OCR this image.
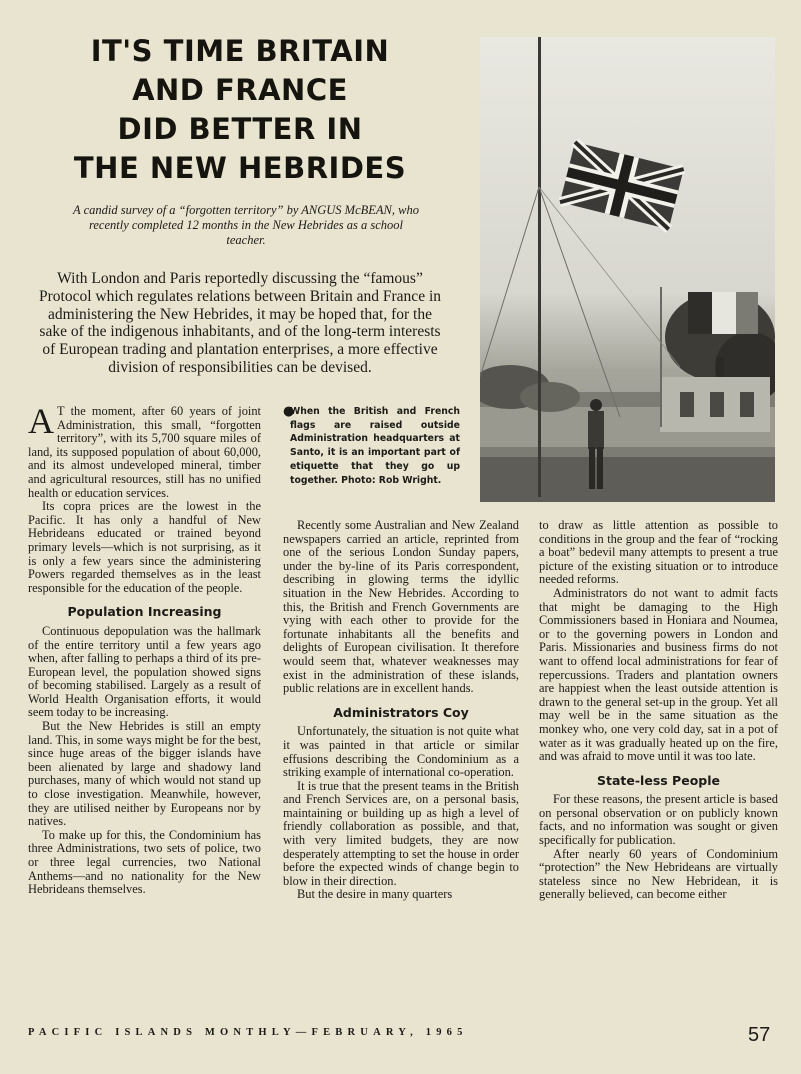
IT'S TIME BRITAIN
AND FRANCE
DID BETTER IN
THE NEW HEBRIDES
A candid survey of a “forgotten territory” by ANGUS McBEAN, who recently completed 12 months in the New Hebrides as a school teacher.
With London and Paris reportedly discussing the “famous” Protocol which regulates relations between Britain and France in administering the New Hebrides, it may be hoped that, for the sake of the indigenous inhabitants, and of the long-term interests of European trading and plantation enterprises, a more effective division of responsibilities can be devised.
●
When the British and French flags are raised outside Administration headquarters at Santo, it is an important part of etiquette that they go up together. Photo: Rob Wright.

A T the moment, after 60 years of joint Administration, this small, “forgotten territory”, with its 5,700 square miles of land, its supposed population of about 60,000, and its almost undeveloped mineral, timber and agricultural resources, still has no unified health or education services.

Its copra prices are the lowest in the Pacific. It has only a handful of New Hebrideans educated or trained beyond primary levels—which is not surprising, as it is only a few years since the administering Powers regarded themselves as in the least responsible for the education of the people.

Population Increasing

Continuous depopulation was the hallmark of the entire territory until a few years ago when, after falling to perhaps a third of its pre-European level, the population showed signs of becoming stabilised. Largely as a result of World Health Organisation efforts, it would seem today to be increasing.

But the New Hebrides is still an empty land. This, in some ways might be for the best, since huge areas of the bigger islands have been alienated by large and shadowy land purchases, many of which would not stand up to close investigation. Meanwhile, however, they are utilised neither by Europeans nor by natives.

To make up for this, the Condominium has three Administrations, two sets of police, two or three legal currencies, two National Anthems—and no nationality for the New Hebrideans themselves.

Recently some Australian and New Zealand newspapers carried an article, reprinted from one of the serious London Sunday papers, under the by-line of its Paris correspondent, describing in glowing terms the idyllic situation in the New Hebrides. According to this, the British and French Governments are vying with each other to provide for the fortunate inhabitants all the benefits and delights of European civilisation. It therefore would seem that, whatever weaknesses may exist in the administration of these islands, public relations are in excellent hands.

Administrators Coy

Unfortunately, the situation is not quite what it was painted in that article or similar effusions describing the Condominium as a striking example of international co-operation.

It is true that the present teams in the British and French Services are, on a personal basis, maintaining or building up as high a level of friendly collaboration as possible, and that, with very limited budgets, they are now desperately attempting to set the house in order before the expected winds of change begin to blow in their direction.

But the desire in many quarters

to draw as little attention as possible to conditions in the group and the fear of “rocking a boat” bedevil many attempts to present a true picture of the existing situation or to introduce needed reforms.

Administrators do not want to admit facts that might be damaging to the High Commissioners based in Honiara and Noumea, or to the governing powers in London and Paris. Missionaries and business firms do not want to offend local administrations for fear of repercussions. Traders and plantation owners are happiest when the least outside attention is drawn to the general set-up in the group. Yet all may well be in the same situation as the monkey who, one very cold day, sat in a pot of water as it was gradually heated up on the fire, and was afraid to move until it was too late.

State-less People

For these reasons, the present article is based on personal observation or on publicly known facts, and no information was sought or given specifically for publication.

After nearly 60 years of Condominium “protection” the New Hebrideans are virtually stateless since no New Hebridean, it is generally believed, can become either

PACIFIC ISLANDS MONTHLY—FEBRUARY, 1965	57
